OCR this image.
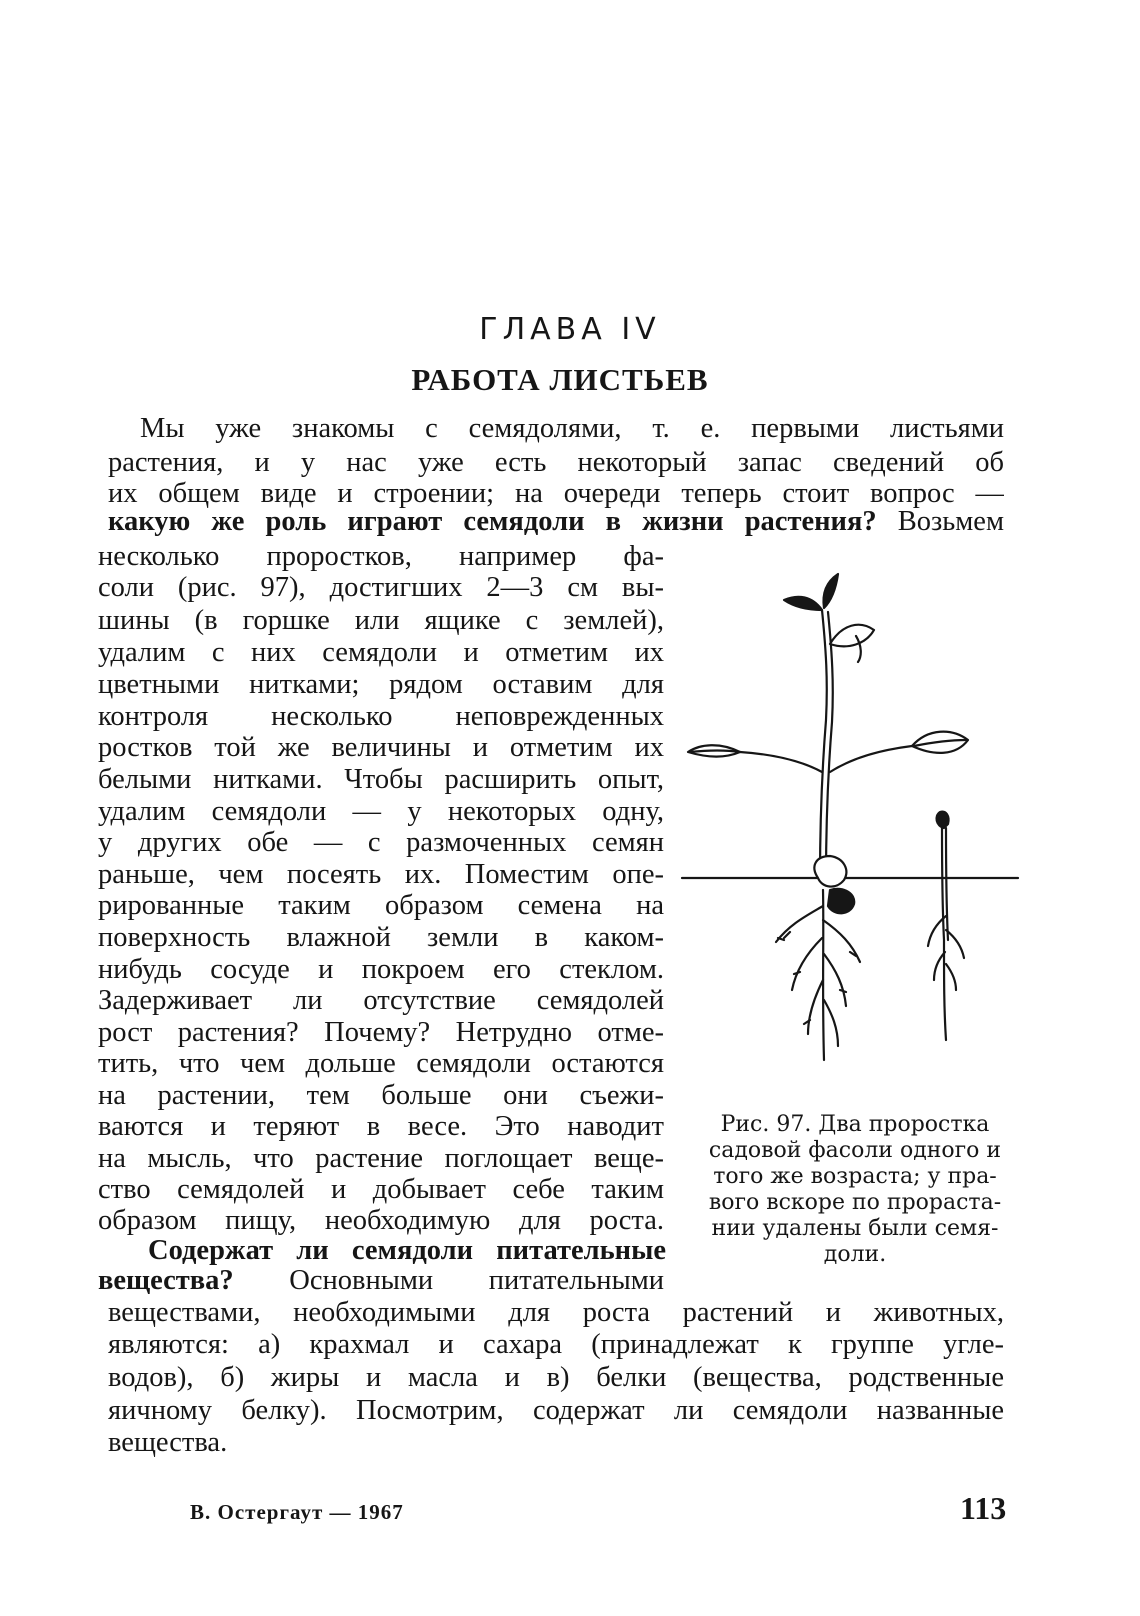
ГЛАВА IV
РАБОТА ЛИСТЬЕВ
Мы уже знакомы с семядолями, т. е. первыми листьями
растения, и у нас уже есть некоторый запас сведений об
их общем виде и строении; на очереди теперь стоит вопрос —
какую же роль играют семядоли в жизни растения? Возьмем
несколько проростков, например фа-
соли (рис. 97), достигших 2—3 см вы-
шины (в горшке или ящике с землей),
удалим с них семядоли и отметим их
цветными нитками; рядом оставим для
контроля несколько неповрежденных
ростков той же величины и отметим их
белыми нитками. Чтобы расширить опыт,
удалим семядоли — у некоторых одну,
у других обе — с размоченных семян
раньше, чем посеять их. Поместим опе-
рированные таким образом семена на
поверхность влажной земли в каком-
нибудь сосуде и покроем его стеклом.
Задерживает ли отсутствие семядолей
рост растения? Почему? Нетрудно отме-
тить, что чем дольше семядоли остаются
на растении, тем больше они съежи-
ваются и теряют в весе. Это наводит
на мысль, что растение поглощает веще-
ство семядолей и добывает себе таким
образом пищу, необходимую для роста.
Содержат ли семядоли питательные
вещества? Основными питательными
веществами, необходимыми для роста растений и животных,
являются: а) крахмал и сахара (принадлежат к группе угле-
водов), б) жиры и масла и в) белки (вещества, родственные
яичному белку). Посмотрим, содержат ли семядоли названные
вещества.
Рис. 97. Два проростка
садовой фасоли одного и
того же возраста; у пра-
вого вскоре по прораста-
нии удалены были семя-
доли.
В. Остергаут — 1967	113
